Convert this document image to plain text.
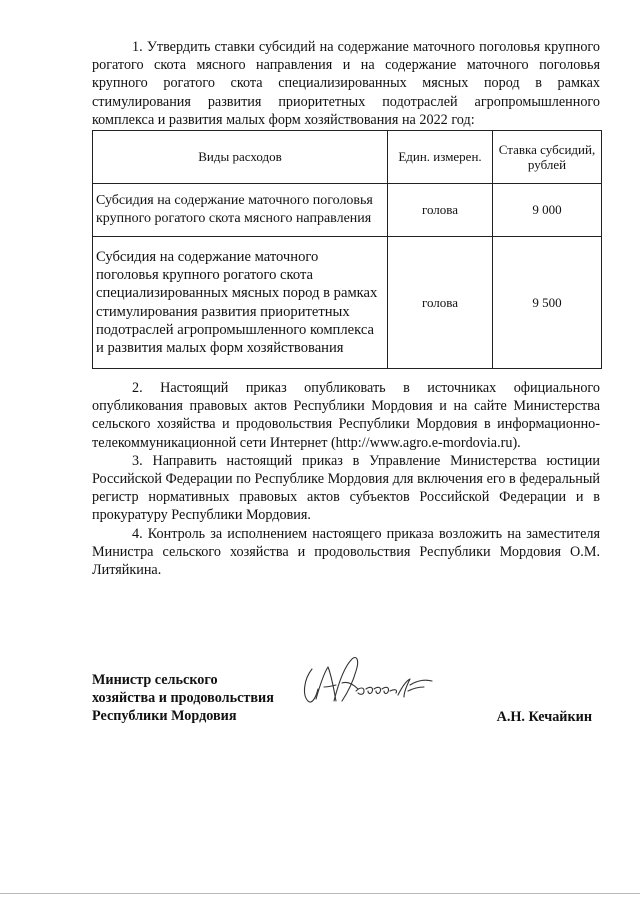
1. Утвердить ставки субсидий на содержание маточного поголовья крупного рогатого скота мясного направления и на содержание маточного поголовья крупного рогатого скота специализированных мясных пород в рамках стимулирования развития приоритетных подотраслей агропромышленного комплекса и развития малых форм хозяйствования на 2022 год:

Виды расходов	Един. измерен.	Ставка субсидий, рублей
Субсидия на содержание маточного поголовья крупного рогатого скота мясного направления	голова	9 000
Субсидия на содержание маточного поголовья крупного рогатого скота специализированных мясных пород в рамках стимулирования развития приоритетных подотраслей агропромышленного комплекса и развития малых форм хозяйствования	голова	9 500

2. Настоящий приказ опубликовать в источниках официального опубликования правовых актов Республики Мордовия и на сайте Министерства сельского хозяйства и продовольствия Республики Мордовия в информационно-телекоммуникационной сети Интернет (http://www.agro.e-mordovia.ru).

3. Направить настоящий приказ в Управление Министерства юстиции Российской Федерации по Республике Мордовия для включения его в федеральный регистр нормативных правовых актов субъектов Российской Федерации и в прокуратуру Республики Мордовия.

4. Контроль за исполнением настоящего приказа возложить на заместителя Министра сельского хозяйства и продовольствия Республики Мордовия О.М. Литяйкина.

Министр сельского
хозяйства и продовольствия
Республики Мордовия	А.Н. Кечайкин
